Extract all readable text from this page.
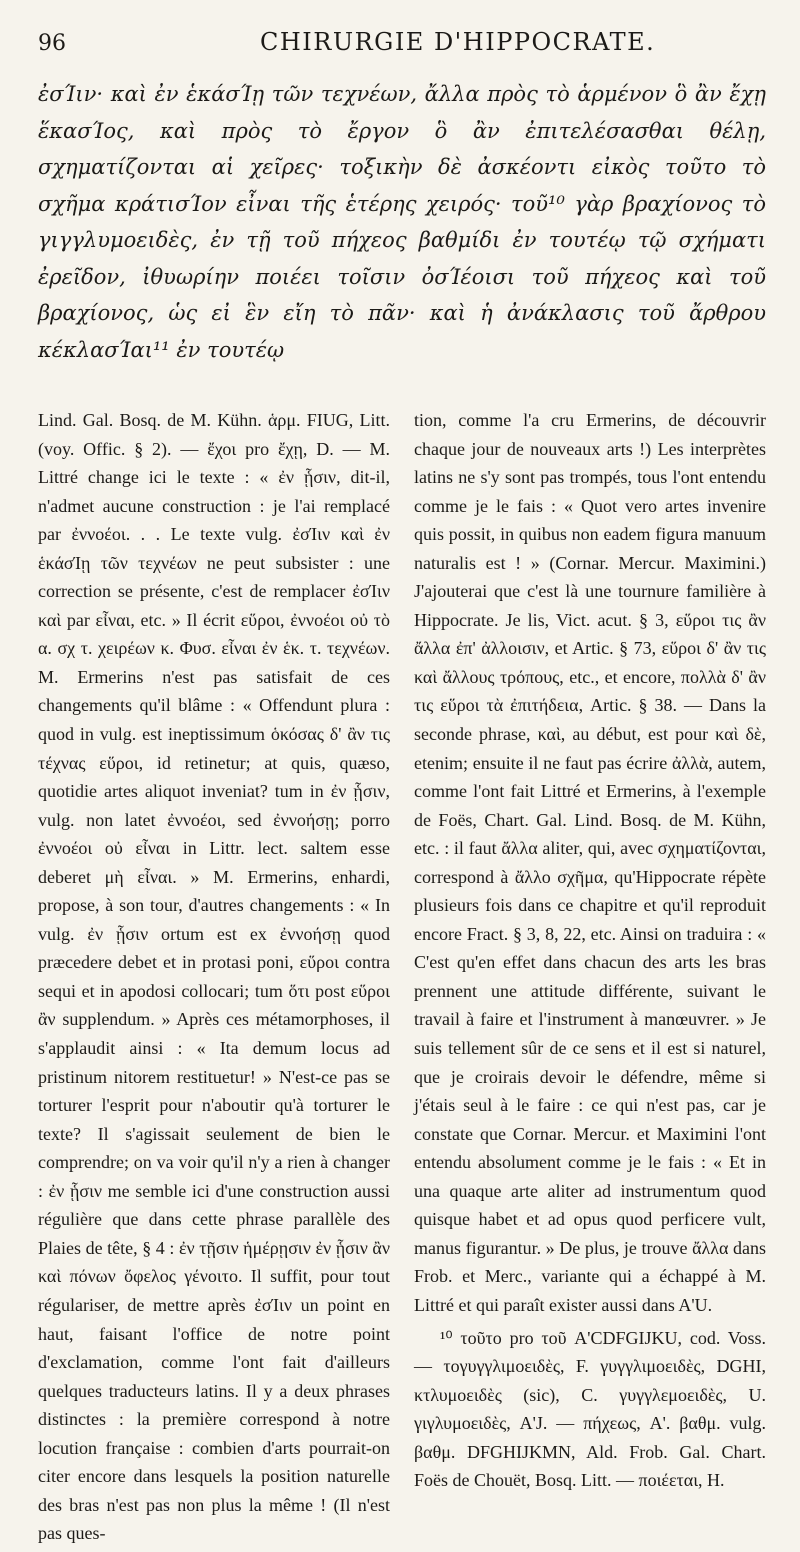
96	CHIRURGIE D'HIPPOCRATE.

ἐσΊιν· καὶ ἐν ἑκάσΊῃ τῶν τεχνέων, ἄλλα πρὸς τὸ ἁρμένον ὃ ἂν ἔχῃ ἕκασΊος, καὶ πρὸς τὸ ἔργον ὃ ἂν ἐπιτελέσασθαι θέλῃ, σχηματίζονται αἱ χεῖρες· τοξικὴν δὲ ἀσκέοντι εἰκὸς τοῦτο τὸ σχῆμα κράτισΊον εἶναι τῆς ἑτέρης χειρός· τοῦ¹⁰ γὰρ βραχίονος τὸ γιγγλυμοειδὲς, ἐν τῇ τοῦ πήχεος βαθμίδι ἐν τουτέῳ τῷ σχήματι ἐρεῖδον, ἰθυωρίην ποιέει τοῖσιν ὀσΊέοισι τοῦ πήχεος καὶ τοῦ βραχίονος, ὡς εἰ ἓν εἴη τὸ πᾶν· καὶ ἡ ἀνάκλασις τοῦ ἄρθρου κέκλασΊαι¹¹ ἐν τουτέῳ

Lind. Gal. Bosq. de M. Kühn. ἁρμ. FIUG, Litt. (voy. Offic. § 2). — ἔχοι pro ἔχῃ, D. — M. Littré change ici le texte : « ἐν ᾗσιν, dit-il, n'admet aucune construction : je l'ai remplacé par ἐννοέοι. . . Le texte vulg. ἐσΊιν καὶ ἐν ἑκάσΊῃ τῶν τεχνέων ne peut subsister : une correction se présente, c'est de remplacer ἐσΊιν καὶ par εἶναι, etc. » Il écrit εὕροι, ἐννοέοι οὐ τὸ α. σχ τ. χειρέων κ. Φυσ. εἶναι ἐν ἑκ. τ. τεχνέων. M. Ermerins n'est pas satisfait de ces changements qu'il blâme : « Offendunt plura : quod in vulg. est ineptissimum ὁκόσας δ' ἂν τις τέχνας εὕροι, id retinetur; at quis, quæso, quotidie artes aliquot inveniat? tum in ἐν ᾗσιν, vulg. non latet ἐννοέοι, sed ἐννοήσῃ; porro ἐννοέοι οὐ εἶναι in Littr. lect. saltem esse deberet μὴ εἶναι. » M. Ermerins, enhardi, propose, à son tour, d'autres changements : « In vulg. ἐν ᾗσιν ortum est ex ἐννοήσῃ quod præcedere debet et in protasi poni, εὕροι contra sequi et in apodosi collocari; tum ὅτι post εὕροι ἂν supplendum. » Après ces métamorphoses, il s'applaudit ainsi : « Ita demum locus ad pristinum nitorem restituetur! » N'est-ce pas se torturer l'esprit pour n'aboutir qu'à torturer le texte? Il s'agissait seulement de bien le comprendre; on va voir qu'il n'y a rien à changer : ἐν ᾗσιν me semble ici d'une construction aussi régulière que dans cette phrase parallèle des Plaies de tête, § 4 : ἐν τῇσιν ἡμέρῃσιν ἐν ᾗσιν ἂν καὶ πόνων ὄφελος γένοιτο. Il suffit, pour tout régulariser, de mettre après ἐσΊιν un point en haut, faisant l'office de notre point d'exclamation, comme l'ont fait d'ailleurs quelques traducteurs latins. Il y a deux phrases distinctes : la première correspond à notre locution française : combien d'arts pourrait-on citer encore dans lesquels la position naturelle des bras n'est pas non plus la même ! (Il n'est pas ques-

tion, comme l'a cru Ermerins, de découvrir chaque jour de nouveaux arts !) Les interprètes latins ne s'y sont pas trompés, tous l'ont entendu comme je le fais : « Quot vero artes invenire quis possit, in quibus non eadem figura manuum naturalis est ! » (Cornar. Mercur. Maximini.) J'ajouterai que c'est là une tournure familière à Hippocrate. Je lis, Vict. acut. § 3, εὕροι τις ἂν ἄλλα ἐπ' ἀλλοισιν, et Artic. § 73, εὕροι δ' ἂν τις καὶ ἄλλους τρόπους, etc., et encore, πολλὰ δ' ἂν τις εὕροι τὰ ἐπιτήδεια, Artic. § 38. — Dans la seconde phrase, καὶ, au début, est pour καὶ δὲ, etenim; ensuite il ne faut pas écrire ἀλλὰ, autem, comme l'ont fait Littré et Ermerins, à l'exemple de Foës, Chart. Gal. Lind. Bosq. de M. Kühn, etc. : il faut ἄλλα aliter, qui, avec σχηματίζονται, correspond à ἄλλο σχῆμα, qu'Hippocrate répète plusieurs fois dans ce chapitre et qu'il reproduit encore Fract. § 3, 8, 22, etc. Ainsi on traduira : « C'est qu'en effet dans chacun des arts les bras prennent une attitude différente, suivant le travail à faire et l'instrument à manœuvrer. » Je suis tellement sûr de ce sens et il est si naturel, que je croirais devoir le défendre, même si j'étais seul à le faire : ce qui n'est pas, car je constate que Cornar. Mercur. et Maximini l'ont entendu absolument comme je le fais : « Et in una quaque arte aliter ad instrumentum quod quisque habet et ad opus quod perficere vult, manus figurantur. » De plus, je trouve ἄλλα dans Frob. et Merc., variante qui a échappé à M. Littré et qui paraît exister aussi dans A'U.

¹⁰ τοῦτο pro τοῦ A'CDFGIJKU, cod. Voss. — τογυγγλιμοειδὲς, F. γυγγλιμοειδὲς, DGHI, κτλυμοειδὲς (sic), C. γυγγλεμοειδὲς, U. γιγλυμοειδὲς, A'J. — πήχεως, A'. βαθμ. vulg. βαθμ. DFGHIJKMN, Ald. Frob. Gal. Chart. Foës de Chouët, Bosq. Litt. — ποιέεται, H.
